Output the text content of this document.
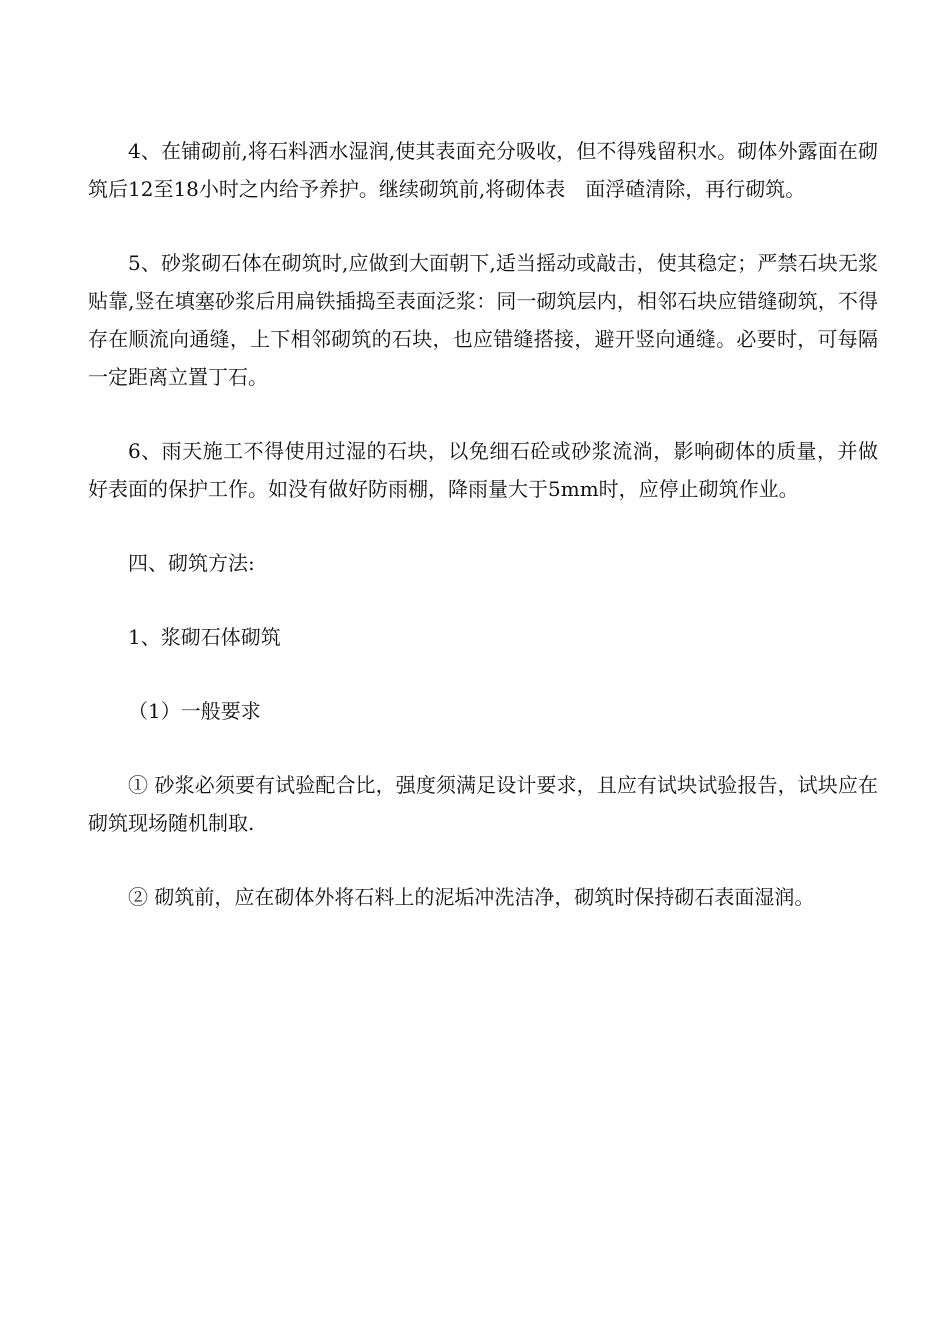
4、在铺砌前,将石料洒水湿润,使其表面充分吸收，但不得残留积水。砌体外露面在砌筑后12至18小时之内给予养护。继续砌筑前,将砌体表　面浮碴清除，再行砌筑。

5、砂浆砌石体在砌筑时,应做到大面朝下,适当摇动或敲击，使其稳定；严禁石块无浆贴靠,竖在填塞砂浆后用扁铁插捣至表面泛浆：同一砌筑层内，相邻石块应错缝砌筑，不得存在顺流向通缝，上下相邻砌筑的石块，也应错缝搭接，避开竖向通缝。必要时，可每隔一定距离立置丁石。

6、雨天施工不得使用过湿的石块，以免细石砼或砂浆流淌，影响砌体的质量，并做好表面的保护工作。如没有做好防雨棚，降雨量大于5mm时，应停止砌筑作业。

四、砌筑方法:

1、浆砌石体砌筑

（1）一般要求

① 砂浆必须要有试验配合比，强度须满足设计要求，且应有试块试验报告，试块应在砌筑现场随机制取.

② 砌筑前，应在砌体外将石料上的泥垢冲洗洁净，砌筑时保持砌石表面湿润。
